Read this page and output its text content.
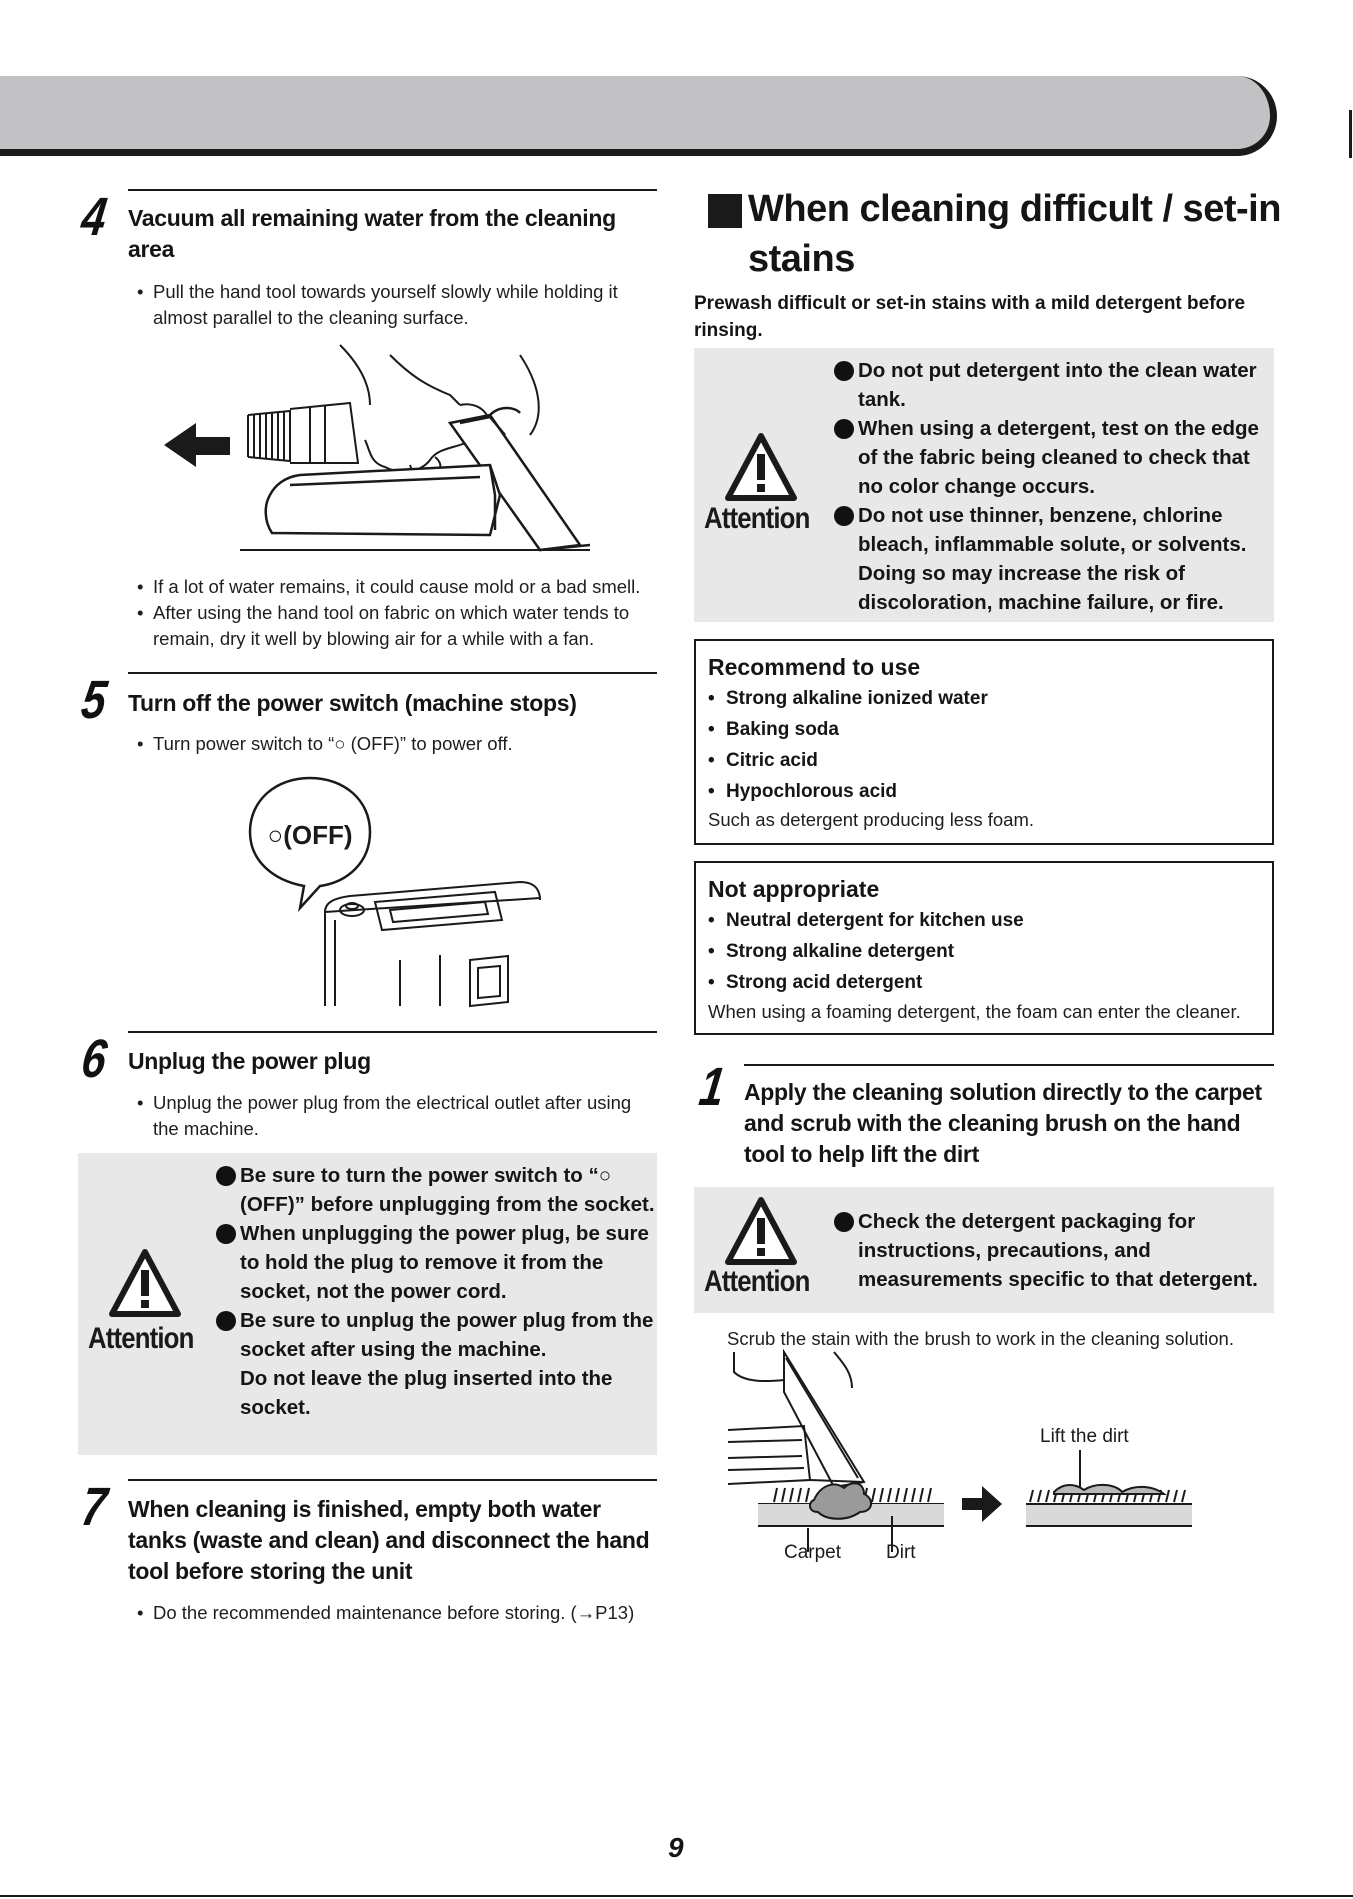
4 Vacuum all remaining water from the cleaning area
• Pull the hand tool towards yourself slowly while holding it almost parallel to the cleaning surface.
• If a lot of water remains, it could cause mold or a bad smell.
• After using the hand tool on fabric on which water tends to remain, dry it well by blowing air for a while with a fan.
5 Turn off the power switch (machine stops)
• Turn power switch to “○ (OFF)” to power off.
○(OFF)
6 Unplug the power plug
• Unplug the power plug from the electrical outlet after using the machine.
Attention
Be sure to turn the power switch to “○ (OFF)” before unplugging from the socket.
When unplugging the power plug, be sure to hold the plug to remove it from the socket, not the power cord.
Be sure to unplug the power plug from the socket after using the machine.
Do not leave the plug inserted into the socket.
7 When cleaning is finished, empty both water tanks (waste and clean) and disconnect the hand tool before storing the unit
• Do the recommended maintenance before storing. (→P13)
When cleaning difficult / set-in
stains
Prewash difficult or set-in stains with a mild detergent before rinsing.
Attention
Do not put detergent into the clean water tank.
When using a detergent, test on the edge of the fabric being cleaned to check that no color change occurs.
Do not use thinner, benzene, chlorine bleach, inflammable solute, or solvents. Doing so may increase the risk of discoloration, machine failure, or fire.
Recommend to use
• Strong alkaline ionized water
• Baking soda
• Citric acid
• Hypochlorous acid
Such as detergent producing less foam.
Not appropriate
• Neutral detergent for kitchen use
• Strong alkaline detergent
• Strong acid detergent
When using a foaming detergent, the foam can enter the cleaner.
1 Apply the cleaning solution directly to the carpet and scrub with the cleaning brush on the hand tool to help lift the dirt
Attention
Check the detergent packaging for instructions, precautions, and measurements specific to that detergent.
Scrub the stain with the brush to work in the cleaning solution.
Lift the dirt
Carpet Dirt
9
